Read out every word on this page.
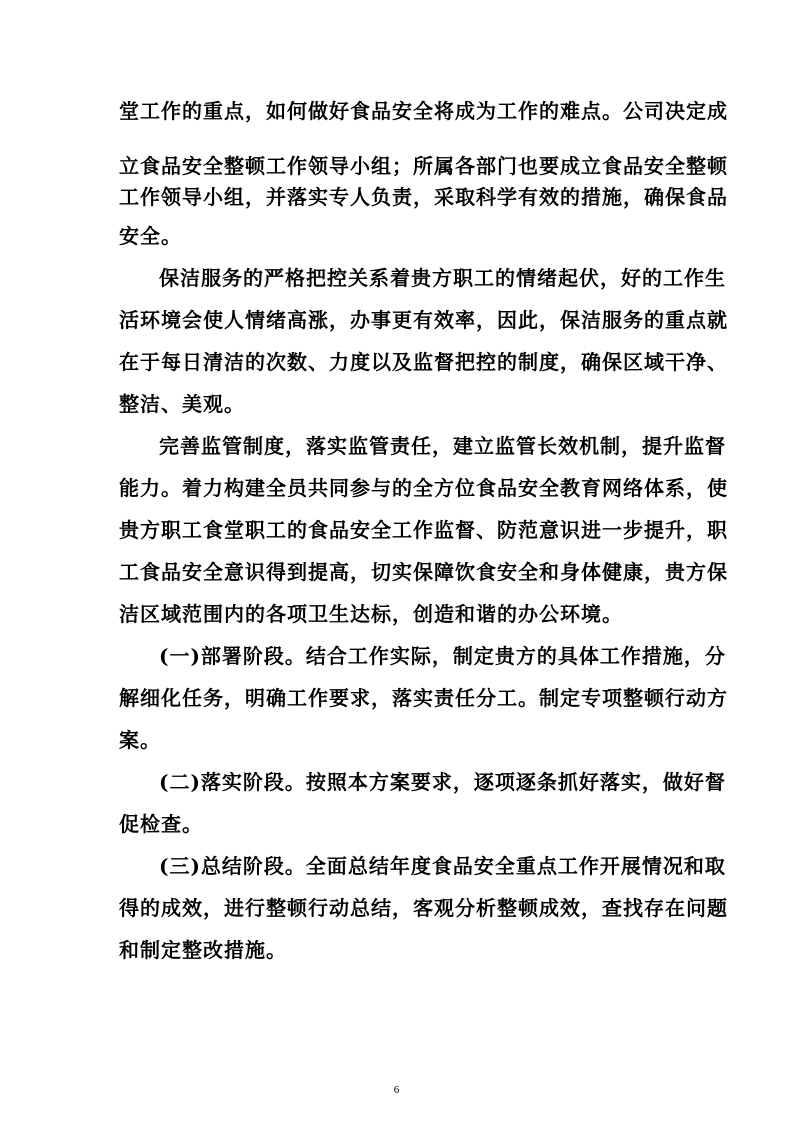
堂工作的重点，如何做好食品安全将成为工作的难点。公司决定成
立食品安全整顿工作领导小组；所属各部门也要成立食品安全整顿
工作领导小组，并落实专人负责，采取科学有效的措施，确保食品
安全。
保洁服务的严格把控关系着贵方职工的情绪起伏，好的工作生
活环境会使人情绪高涨，办事更有效率，因此，保洁服务的重点就
在于每日清洁的次数、力度以及监督把控的制度，确保区域干净、
整洁、美观。
完善监管制度，落实监管责任，建立监管长效机制，提升监督
能力。着力构建全员共同参与的全方位食品安全教育网络体系，使
贵方职工食堂职工的食品安全工作监督、防范意识进一步提升，职
工食品安全意识得到提高，切实保障饮食安全和身体健康，贵方保
洁区域范围内的各项卫生达标，创造和谐的办公环境。
(一)部署阶段。结合工作实际，制定贵方的具体工作措施，分
解细化任务，明确工作要求，落实责任分工。制定专项整顿行动方
案。
(二)落实阶段。按照本方案要求，逐项逐条抓好落实，做好督
促检查。
(三)总结阶段。全面总结年度食品安全重点工作开展情况和取
得的成效，进行整顿行动总结，客观分析整顿成效，查找存在问题
和制定整改措施。
6
